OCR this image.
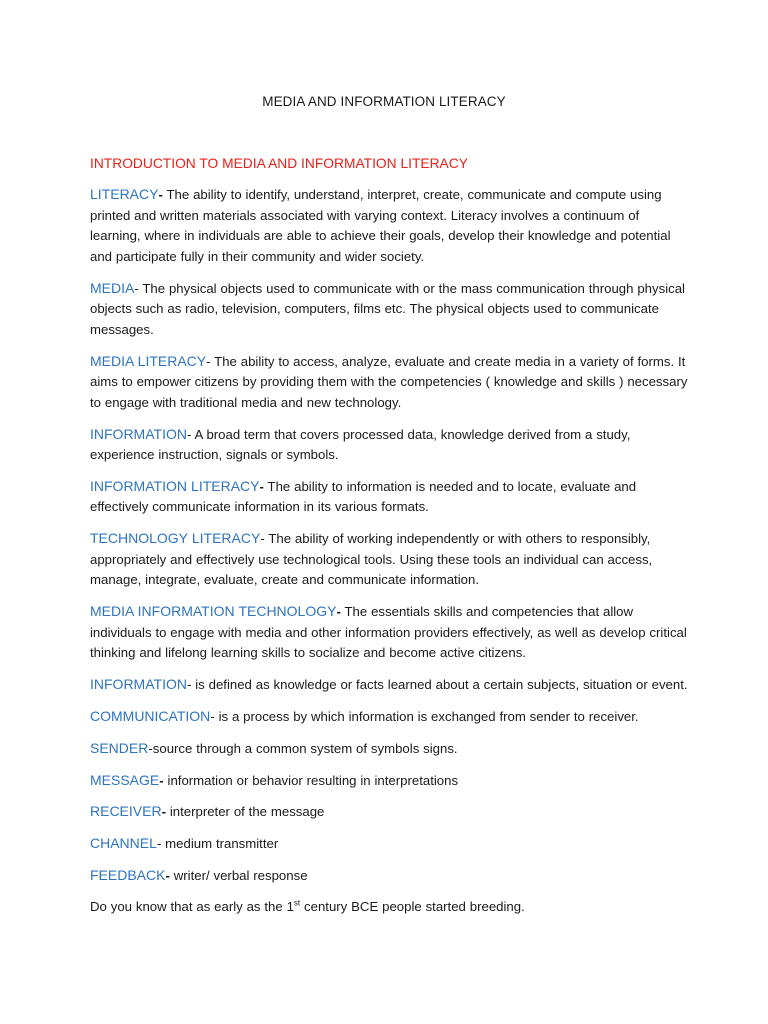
MEDIA AND INFORMATION LITERACY
INTRODUCTION TO MEDIA AND INFORMATION LITERACY

LITERACY- The ability to identify, understand, interpret, create, communicate and compute using printed and written materials associated with varying context. Literacy involves a continuum of learning, where in individuals are able to achieve their goals, develop their knowledge and potential and participate fully in their community and wider society.

MEDIA- The physical objects used to communicate with or the mass communication through physical objects such as radio, television, computers, films etc. The physical objects used to communicate messages.

MEDIA LITERACY- The ability to access, analyze, evaluate and create media in a variety of forms. It aims to empower citizens by providing them with the competencies ( knowledge and skills ) necessary to engage with traditional media and new technology.

INFORMATION- A broad term that covers processed data, knowledge derived from a study, experience instruction, signals or symbols.

INFORMATION LITERACY- The ability to information is needed and to locate, evaluate and effectively communicate information in its various formats.

TECHNOLOGY LITERACY- The ability of working independently or with others to responsibly, appropriately and effectively use technological tools. Using these tools an individual can access, manage, integrate, evaluate, create and communicate information.

MEDIA INFORMATION TECHNOLOGY- The essentials skills and competencies that allow individuals to engage with media and other information providers effectively, as well as develop critical thinking and lifelong learning skills to socialize and become active citizens.

INFORMATION- is defined as knowledge or facts learned about a certain subjects, situation or event.

COMMUNICATION- is a process by which information is exchanged from sender to receiver.

SENDER-source through a common system of symbols signs.

MESSAGE- information or behavior resulting in interpretations

RECEIVER- interpreter of the message

CHANNEL- medium transmitter

FEEDBACK- writer/ verbal response

Do you know that as early as the 1st century BCE people started breeding.
